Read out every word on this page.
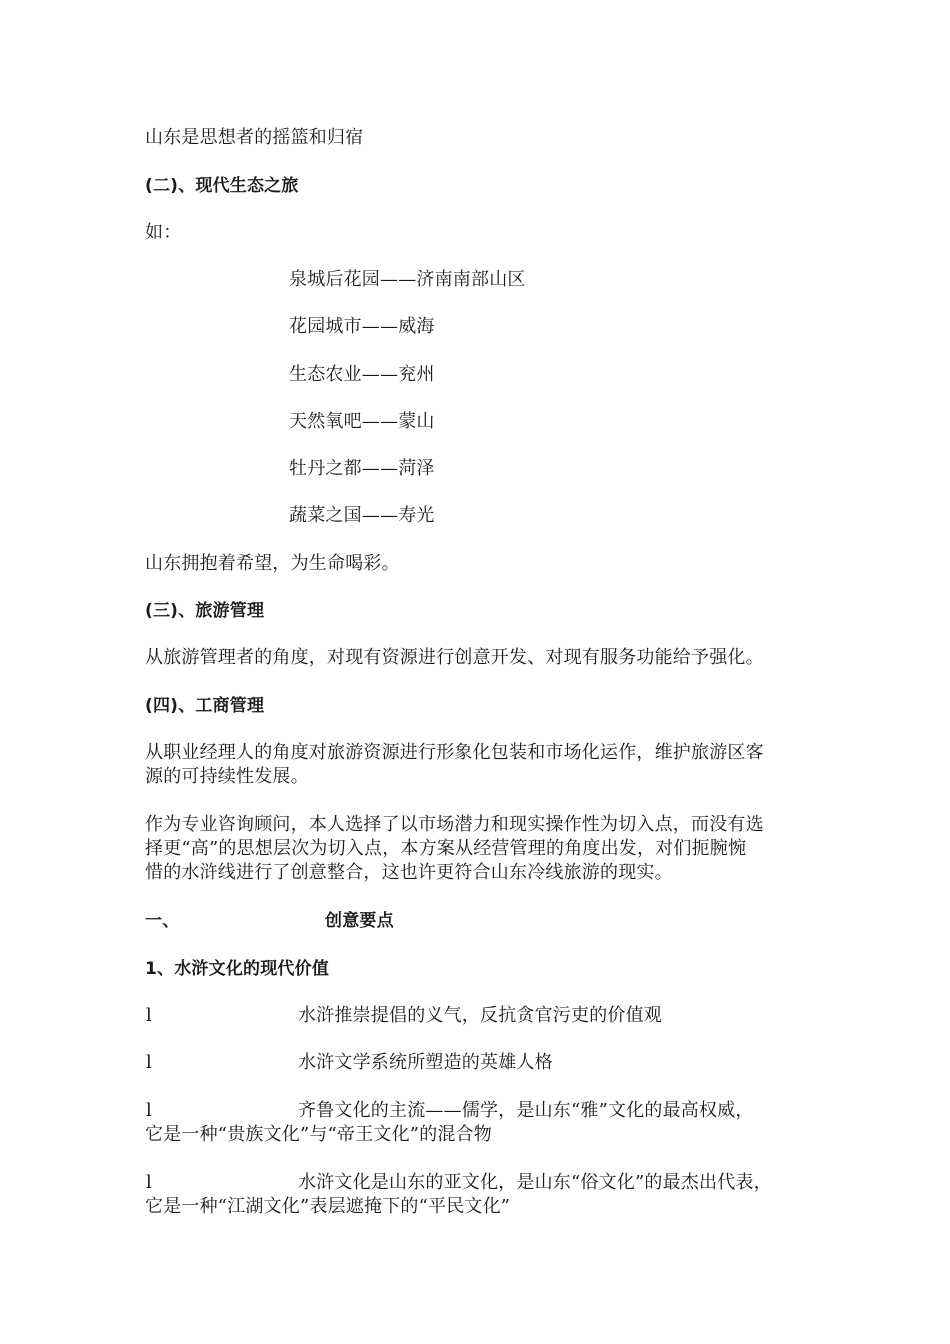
山东是思想者的摇篮和归宿
(二)、现代生态之旅
如：
泉城后花园——济南南部山区
花园城市——威海
生态农业——兖州
天然氧吧——蒙山
牡丹之都——菏泽
蔬菜之国——寿光
山东拥抱着希望，为生命喝彩。
(三)、旅游管理
从旅游管理者的角度，对现有资源进行创意开发、对现有服务功能给予强化。
(四)、工商管理
从职业经理人的角度对旅游资源进行形象化包装和市场化运作，维护旅游区客
源的可持续性发展。
作为专业咨询顾问，本人选择了以市场潜力和现实操作性为切入点，而没有选
择更“高”的思想层次为切入点，本方案从经营管理的角度出发，对们扼腕惋
惜的水浒线进行了创意整合，这也许更符合山东冷线旅游的现实。
一、	创意要点
1、水浒文化的现代价值
l	水浒推崇提倡的义气，反抗贪官污吏的价值观
l	水浒文学系统所塑造的英雄人格
l	齐鲁文化的主流——儒学，是山东“雅”文化的最高权威，
它是一种“贵族文化”与“帝王文化”的混合物
l	水浒文化是山东的亚文化，是山东“俗文化”的最杰出代表，
它是一种“江湖文化”表层遮掩下的“平民文化”
